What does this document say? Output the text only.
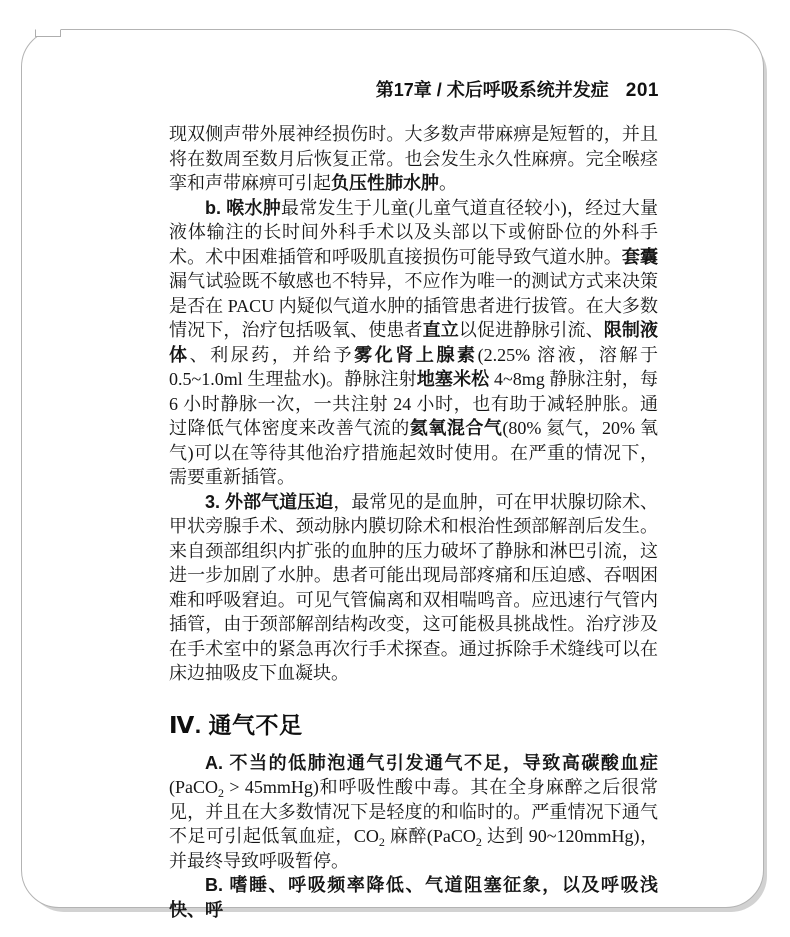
第17章 / 术后呼吸系统并发症 201

现双侧声带外展神经损伤时。大多数声带麻痹是短暂的，并且将在数周至数月后恢复正常。也会发生永久性麻痹。完全喉痉挛和声带麻痹可引起负压性肺水肿。

b. 喉水肿最常发生于儿童(儿童气道直径较小)，经过大量液体输注的长时间外科手术以及头部以下或俯卧位的外科手术。术中困难插管和呼吸肌直接损伤可能导致气道水肿。套囊漏气试验既不敏感也不特异，不应作为唯一的测试方式来决策是否在 PACU 内疑似气道水肿的插管患者进行拔管。在大多数情况下，治疗包括吸氧、使患者直立以促进静脉引流、限制液体、利尿药，并给予雾化肾上腺素(2.25% 溶液，溶解于 0.5~1.0ml 生理盐水)。静脉注射地塞米松 4~8mg 静脉注射，每 6 小时静脉一次，一共注射 24 小时，也有助于减轻肿胀。通过降低气体密度来改善气流的氦氧混合气(80% 氦气，20% 氧气)可以在等待其他治疗措施起效时使用。在严重的情况下，需要重新插管。

3. 外部气道压迫，最常见的是血肿，可在甲状腺切除术、甲状旁腺手术、颈动脉内膜切除术和根治性颈部解剖后发生。来自颈部组织内扩张的血肿的压力破坏了静脉和淋巴引流，这进一步加剧了水肿。患者可能出现局部疼痛和压迫感、吞咽困难和呼吸窘迫。可见气管偏离和双相喘鸣音。应迅速行气管内插管，由于颈部解剖结构改变，这可能极具挑战性。治疗涉及在手术室中的紧急再次行手术探查。通过拆除手术缝线可以在床边抽吸皮下血凝块。

Ⅳ. 通气不足

A. 不当的低肺泡通气引发通气不足，导致高碳酸血症(PaCO$_2$ > 45mmHg)和呼吸性酸中毒。其在全身麻醉之后很常见，并且在大多数情况下是轻度的和临时的。严重情况下通气不足可引起低氧血症，$CO_2$ 麻醉(PaCO$_2$ 达到 90~120mmHg)，并最终导致呼吸暂停。

B. 嗜睡、呼吸频率降低、气道阻塞征象，以及呼吸浅快、呼
